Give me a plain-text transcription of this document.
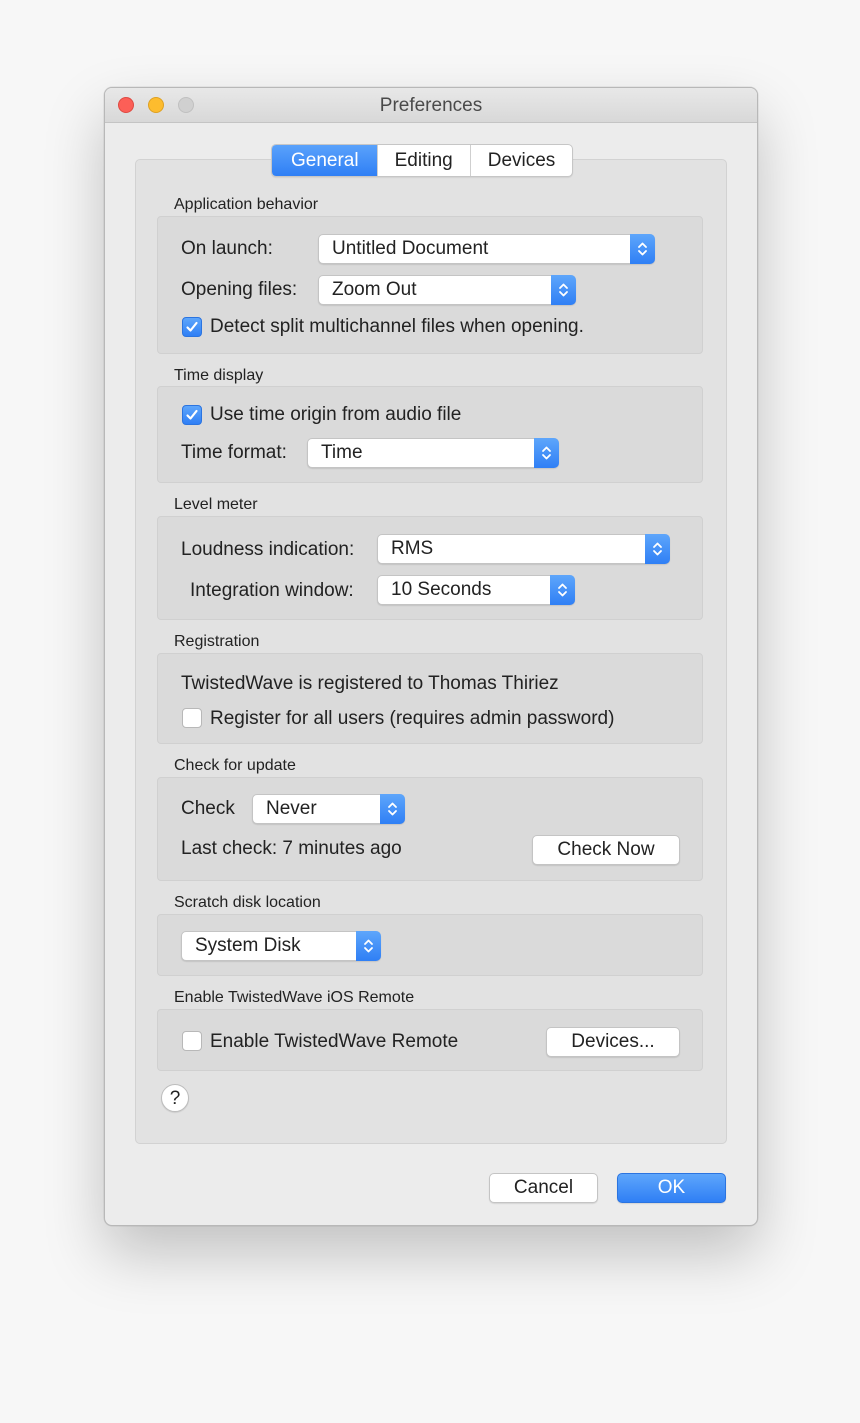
Preferences
General	Editing	Devices
Application behavior
On launch:	Untitled Document
Opening files: Zoom Out
Detect split multichannel files when opening.
Time display
Use time origin from audio file
Time format: Time
Level meter
Loudness indication: RMS
Integration window: 10 Seconds
Registration
TwistedWave is registered to Thomas Thiriez
Register for all users (requires admin password)
Check for update
Check Never
Last check: 7 minutes ago	Check Now
Scratch disk location
System Disk
Enable TwistedWave iOS Remote
Enable TwistedWave Remote	Devices...
?
Cancel	OK
